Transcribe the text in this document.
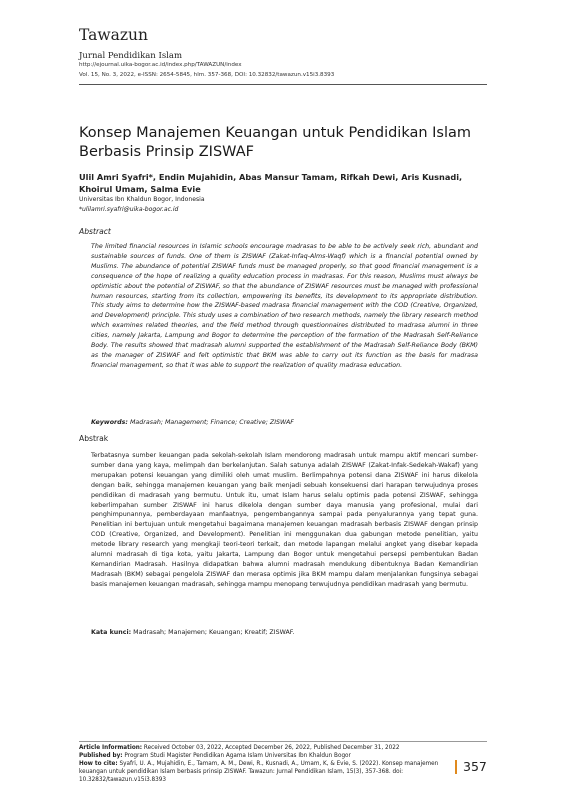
Tawazun
Jurnal Pendidikan Islam
http://ejournal.uika-bogor.ac.id/index.php/TAWAZUN/index
Vol. 15, No. 3, 2022, e-ISSN: 2654-5845, hlm. 357-368, DOI: 10.32832/tawazun.v15i3.8393
Konsep Manajemen Keuangan untuk Pendidikan Islam Berbasis Prinsip ZISWAF
Ulil Amri Syafri*, Endin Mujahidin, Abas Mansur Tamam, Rifkah Dewi, Aris Kusnadi, Khoirul Umam, Salma Evie
Universitas Ibn Khaldun Bogor, Indonesia
*ulilamri.syafri@uika-bogor.ac.id
Abstract
The limited financial resources in Islamic schools encourage madrasas to be able to be actively seek rich, abundant and sustainable sources of funds. One of them is ZISWAF (Zakat-Infaq-Alms-Waqf) which is a financial potential owned by Muslims. The abundance of potential ZISWAF funds must be managed properly, so that good financial management is a consequence of the hope of realizing a quality education process in madrasas. For this reason, Muslims must always be optimistic about the potential of ZISWAF, so that the abundance of ZISWAF resources must be managed with professional human resources, starting from its collection, empowering its benefits, its development to its appropriate distribution. This study aims to determine how the ZISWAF-based madrasa financial management with the COD (Creative, Organized, and Development) principle. This study uses a combination of two research methods, namely the library research method which examines related theories, and the field method through questionnaires distributed to madrasa alumni in three cities, namely Jakarta, Lampung and Bogor to determine the perception of the formation of the Madrasah Self-Reliance Body. The results showed that madrasah alumni supported the establishment of the Madrasah Self-Reliance Body (BKM) as the manager of ZISWAF and felt optimistic that BKM was able to carry out its function as the basis for madrasa financial management, so that it was able to support the realization of quality madrasa education.
Keywords: Madrasah; Management; Finance; Creative; ZISWAF
Abstrak
Terbatasnya sumber keuangan pada sekolah-sekolah Islam mendorong madrasah untuk mampu aktif mencari sumber-sumber dana yang kaya, melimpah dan berkelanjutan. Salah satunya adalah ZISWAF (Zakat-Infak-Sedekah-Wakaf) yang merupakan potensi keuangan yang dimiliki oleh umat muslim. Berlimpahnya potensi dana ZISWAF ini harus dikelola dengan baik, sehingga manajemen keuangan yang baik menjadi sebuah konsekuensi dari harapan terwujudnya proses pendidikan di madrasah yang bermutu. Untuk itu, umat Islam harus selalu optimis pada potensi ZISWAF, sehingga keberlimpahan sumber ZISWAF ini harus dikelola dengan sumber daya manusia yang profesional, mulai dari penghimpunannya, pemberdayaan manfaatnya, pengembangannya sampai pada penyalurannya yang tepat guna. Penelitian ini bertujuan untuk mengetahui bagaimana manajemen keuangan madrasah berbasis ZISWAF dengan prinsip COD (Creative, Organized, and Development). Penelitian ini menggunakan dua gabungan metode penelitian, yaitu metode library research yang mengkaji teori-teori terkait, dan metode lapangan melalui angket yang disebar kepada alumni madrasah di tiga kota, yaitu Jakarta, Lampung dan Bogor untuk mengetahui persepsi pembentukan Badan Kemandirian Madrasah. Hasilnya didapatkan bahwa alumni madrasah mendukung dibentuknya Badan Kemandirian Madrasah (BKM) sebagai pengelola ZISWAF dan merasa optimis jika BKM mampu dalam menjalankan fungsinya sebagai basis manajemen keuangan madrasah, sehingga mampu menopang terwujudnya pendidikan madrasah yang bermutu.
Kata kunci: Madrasah; Manajemen; Keuangan; Kreatif; ZISWAF.
Article Information: Received October 03, 2022, Accepted December 26, 2022, Published December 31, 2022
Published by: Program Studi Magister Pendidikan Agama Islam Universitas Ibn Khaldun Bogor
How to cite: Syafri, U. A., Mujahidin, E., Tamam, A. M., Dewi, R., Kusnadi, A., Umam, K, & Evie, S. (2022). Konsep manajemen keuangan untuk pendidikan Islam berbasis prinsip ZISWAF. Tawazun: Jurnal Pendidikan Islam, 15(3), 357-368. doi: 10.32832/tawazun.v15i3.8393
357
